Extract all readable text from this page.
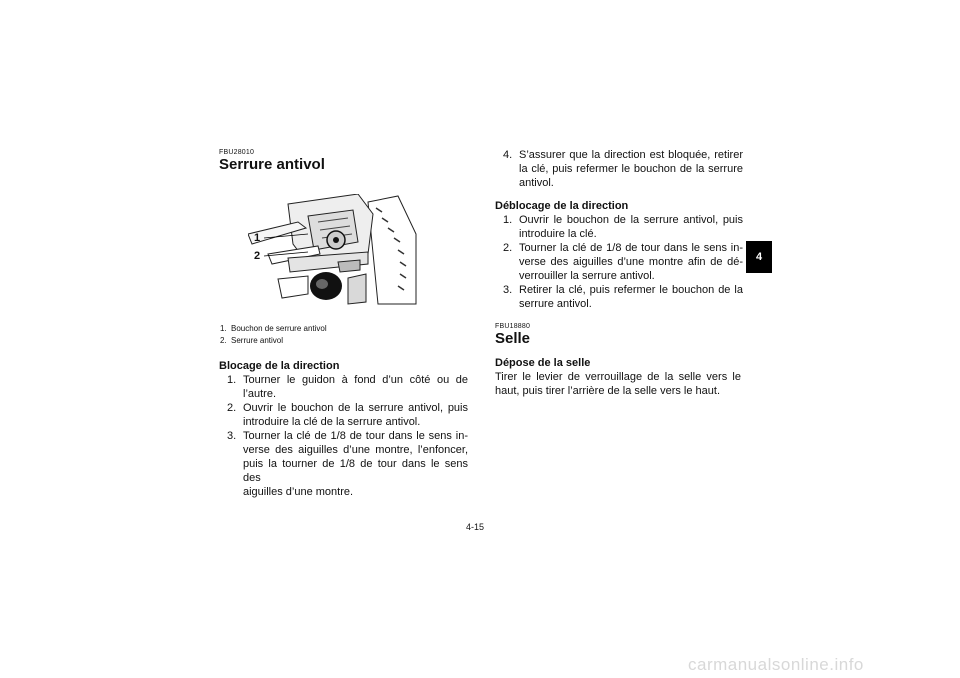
FBU28010
Serrure antivol
1
2
1. Bouchon de serrure antivol
2. Serrure antivol
Blocage de la direction
1. Tourner le guidon à fond d’un côté ou de
l’autre.
2. Ouvrir le bouchon de la serrure antivol, puis
introduire la clé de la serrure antivol.
3. Tourner la clé de 1/8 de tour dans le sens in-
verse des aiguilles d’une montre, l’enfoncer,
puis la tourner de 1/8 de tour dans le sens des
aiguilles d’une montre.
4. S’assurer que la direction est bloquée, retirer
la clé, puis refermer le bouchon de la serrure
antivol.
Déblocage de la direction
1. Ouvrir le bouchon de la serrure antivol, puis
introduire la clé.
2. Tourner la clé de 1/8 de tour dans le sens in-
verse des aiguilles d’une montre afin de dé-
verrouiller la serrure antivol.
3. Retirer la clé, puis refermer le bouchon de la
serrure antivol.
FBU18880
Selle
Dépose de la selle
Tirer le levier de verrouillage de la selle vers le
haut, puis tirer l’arrière de la selle vers le haut.
4
4-15
carmanualsonline.info
